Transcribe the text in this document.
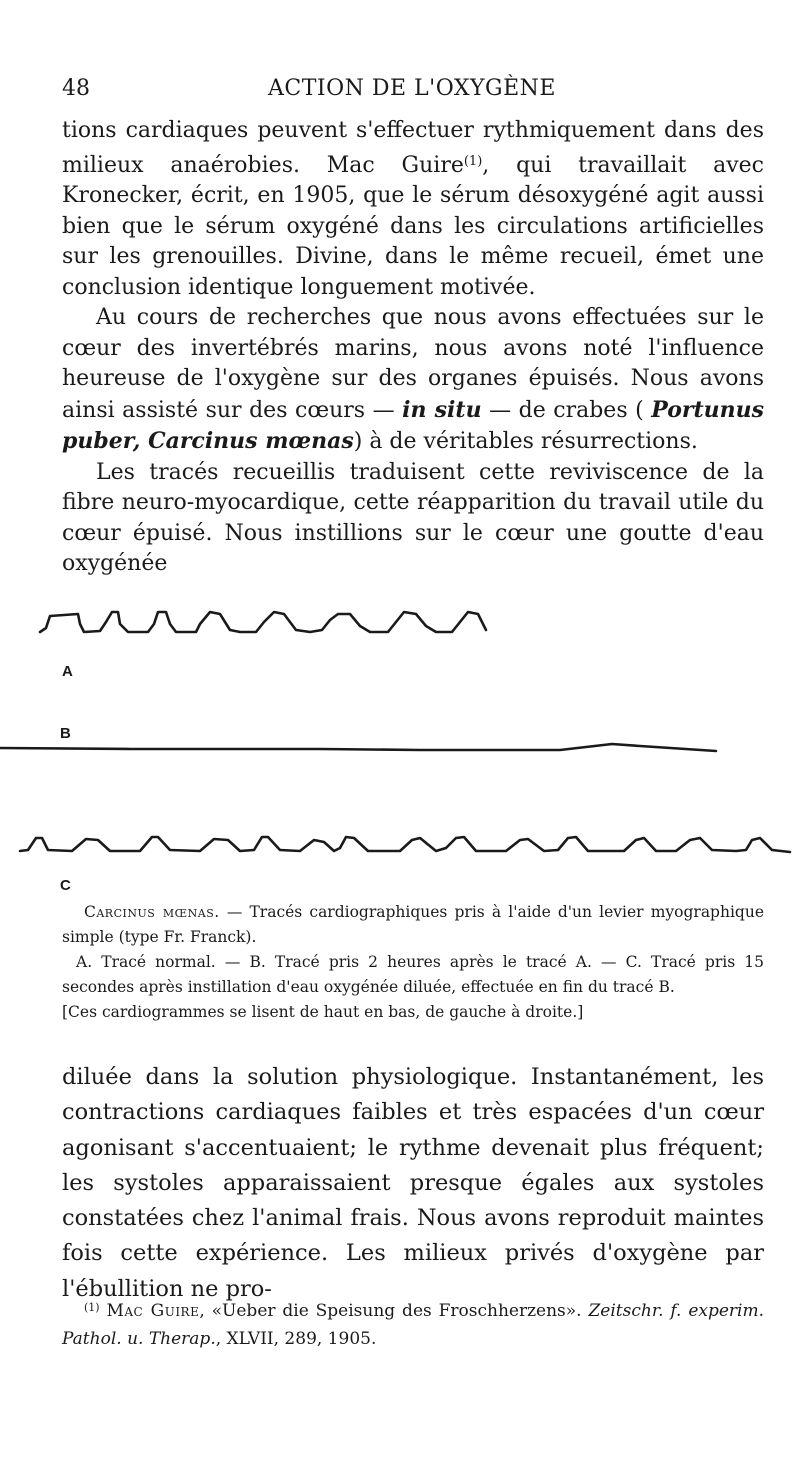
48	ACTION DE L'OXYGÈNE

tions cardiaques peuvent s'effectuer rythmiquement dans des milieux anaérobies. Mac Guire$^{(1)}$, qui travaillait avec Kronecker, écrit, en 1905, que le sérum désoxygéné agit aussi bien que le sérum oxygéné dans les circulations artificielles sur les grenouilles. Divine, dans le même recueil, émet une conclusion identique longuement motivée.

Au cours de recherches que nous avons effectuées sur le cœur des invertébrés marins, nous avons noté l'influence heureuse de l'oxygène sur des organes épuisés. Nous avons ainsi assisté sur des cœurs — in situ — de crabes ( Portunus puber, Carcinus mœnas) à de véritables résurrections.

Les tracés recueillis traduisent cette reviviscence de la fibre neuro-myocardique, cette réapparition du travail utile du cœur épuisé. Nous instillions sur le cœur une goutte d'eau oxygénée

A
B
C

Carcinus mœnas. — Tracés cardiographiques pris à l'aide d'un levier myographique simple (type Fr. Franck).

A. Tracé normal. — B. Tracé pris 2 heures après le tracé A. — C. Tracé pris 15 secondes après instillation d'eau oxygénée diluée, effectuée en fin du tracé B.

[Ces cardiogrammes se lisent de haut en bas, de gauche à droite.]

diluée dans la solution physiologique. Instantanément, les contractions cardiaques faibles et très espacées d'un cœur agonisant s'accentuaient; le rythme devenait plus fréquent; les systoles apparaissaient presque égales aux systoles constatées chez l'animal frais. Nous avons reproduit maintes fois cette expérience. Les milieux privés d'oxygène par l'ébullition ne pro-

$^{(1)}$ Mac Guire, «Ueber die Speisung des Froschherzens». Zeitschr. f. experim. Pathol. u. Therap., XLVII, 289, 1905.
